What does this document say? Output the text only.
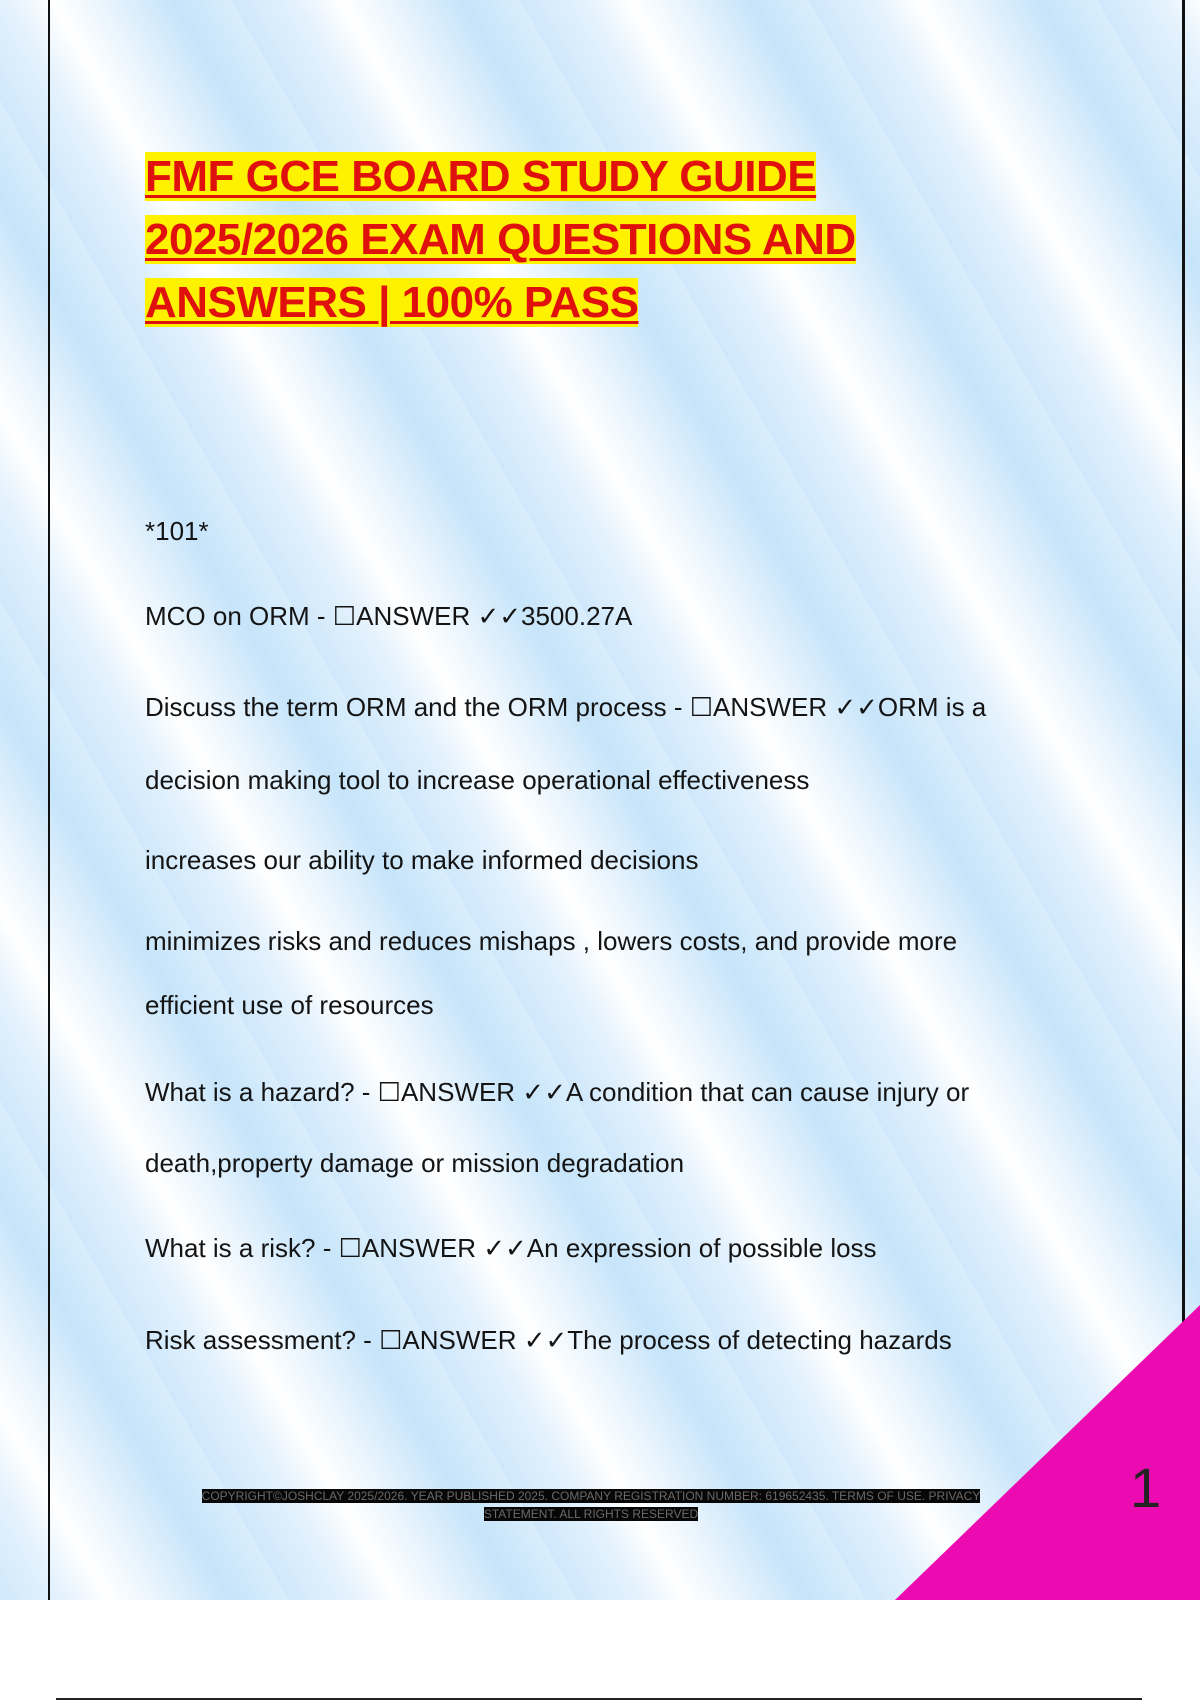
FMF GCE BOARD STUDY GUIDE 2025/2026 EXAM QUESTIONS AND ANSWERS | 100% PASS

*101*

MCO on ORM - ☐ANSWER ✓✓3500.27A

Discuss the term ORM and the ORM process - ☐ANSWER ✓✓ORM is a

decision making tool to increase operational effectiveness

increases our ability to make informed decisions

minimizes risks and reduces mishaps , lowers costs, and provide more

efficient use of resources

What is a hazard? - ☐ANSWER ✓✓A condition that can cause injury or

death,property damage or mission degradation

What is a risk? - ☐ANSWER ✓✓An expression of possible loss

Risk assessment? - ☐ANSWER ✓✓The process of detecting hazards

1
COPYRIGHT©JOSHCLAY 2025/2026. YEAR PUBLISHED 2025. COMPANY REGISTRATION NUMBER: 619652435. TERMS OF USE. PRIVACY STATEMENT. ALL RIGHTS RESERVED
